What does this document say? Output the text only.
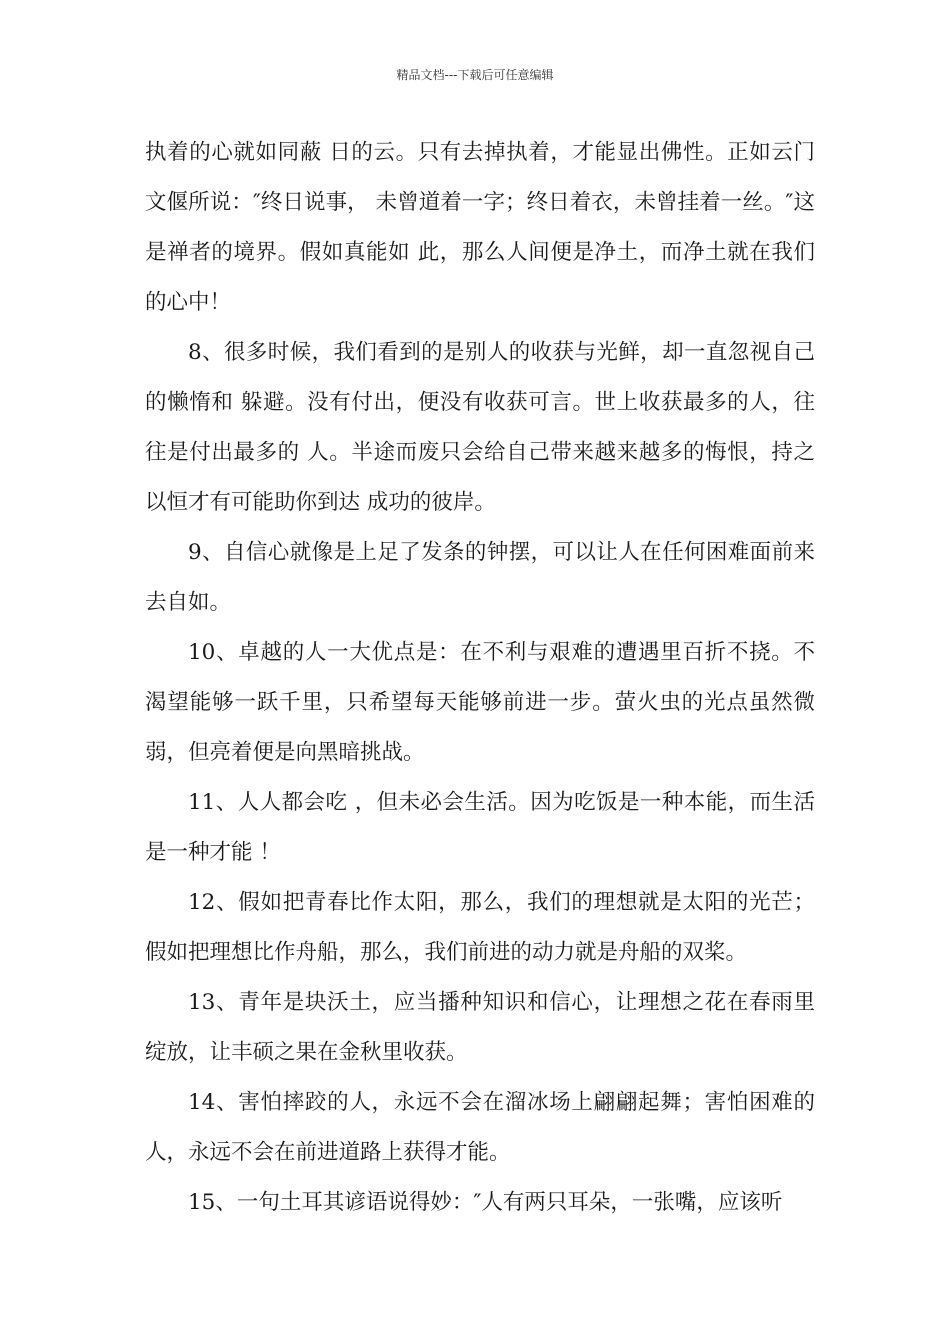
精品文档---下载后可任意编辑

执着的心就如同蔽 日的云。只有去掉执着，才能显出佛性。正如云门文偃所说：″终日说事， 未曾道着一字；终日着衣，未曾挂着一丝。″这是禅者的境界。假如真能如 此，那么人间便是净土，而净土就在我们的心中！

8、很多时候，我们看到的是别人的收获与光鲜，却一直忽视自己的懒惰和 躲避。没有付出，便没有收获可言。世上收获最多的人，往往是付出最多的 人。半途而废只会给自己带来越来越多的悔恨，持之以恒才有可能助你到达 成功的彼岸。

9、自信心就像是上足了发条的钟摆，可以让人在任何困难面前来去自如。

10、卓越的人一大优点是：在不利与艰难的遭遇里百折不挠。不渴望能够一跃千里，只希望每天能够前进一步。萤火虫的光点虽然微弱，但亮着便是向黑暗挑战。

11、人人都会吃 ，但未必会生活。因为吃饭是一种本能，而生活是一种才能 ！

12、假如把青春比作太阳，那么，我们的理想就是太阳的光芒；假如把理想比作舟船，那么，我们前进的动力就是舟船的双桨。

13、青年是块沃土，应当播种知识和信心，让理想之花在春雨里绽放，让丰硕之果在金秋里收获。

14、害怕摔跤的人，永远不会在溜冰场上翩翩起舞；害怕困难的人，永远不会在前进道路上获得才能。

15、一句土耳其谚语说得妙：″人有两只耳朵，一张嘴，应该听
